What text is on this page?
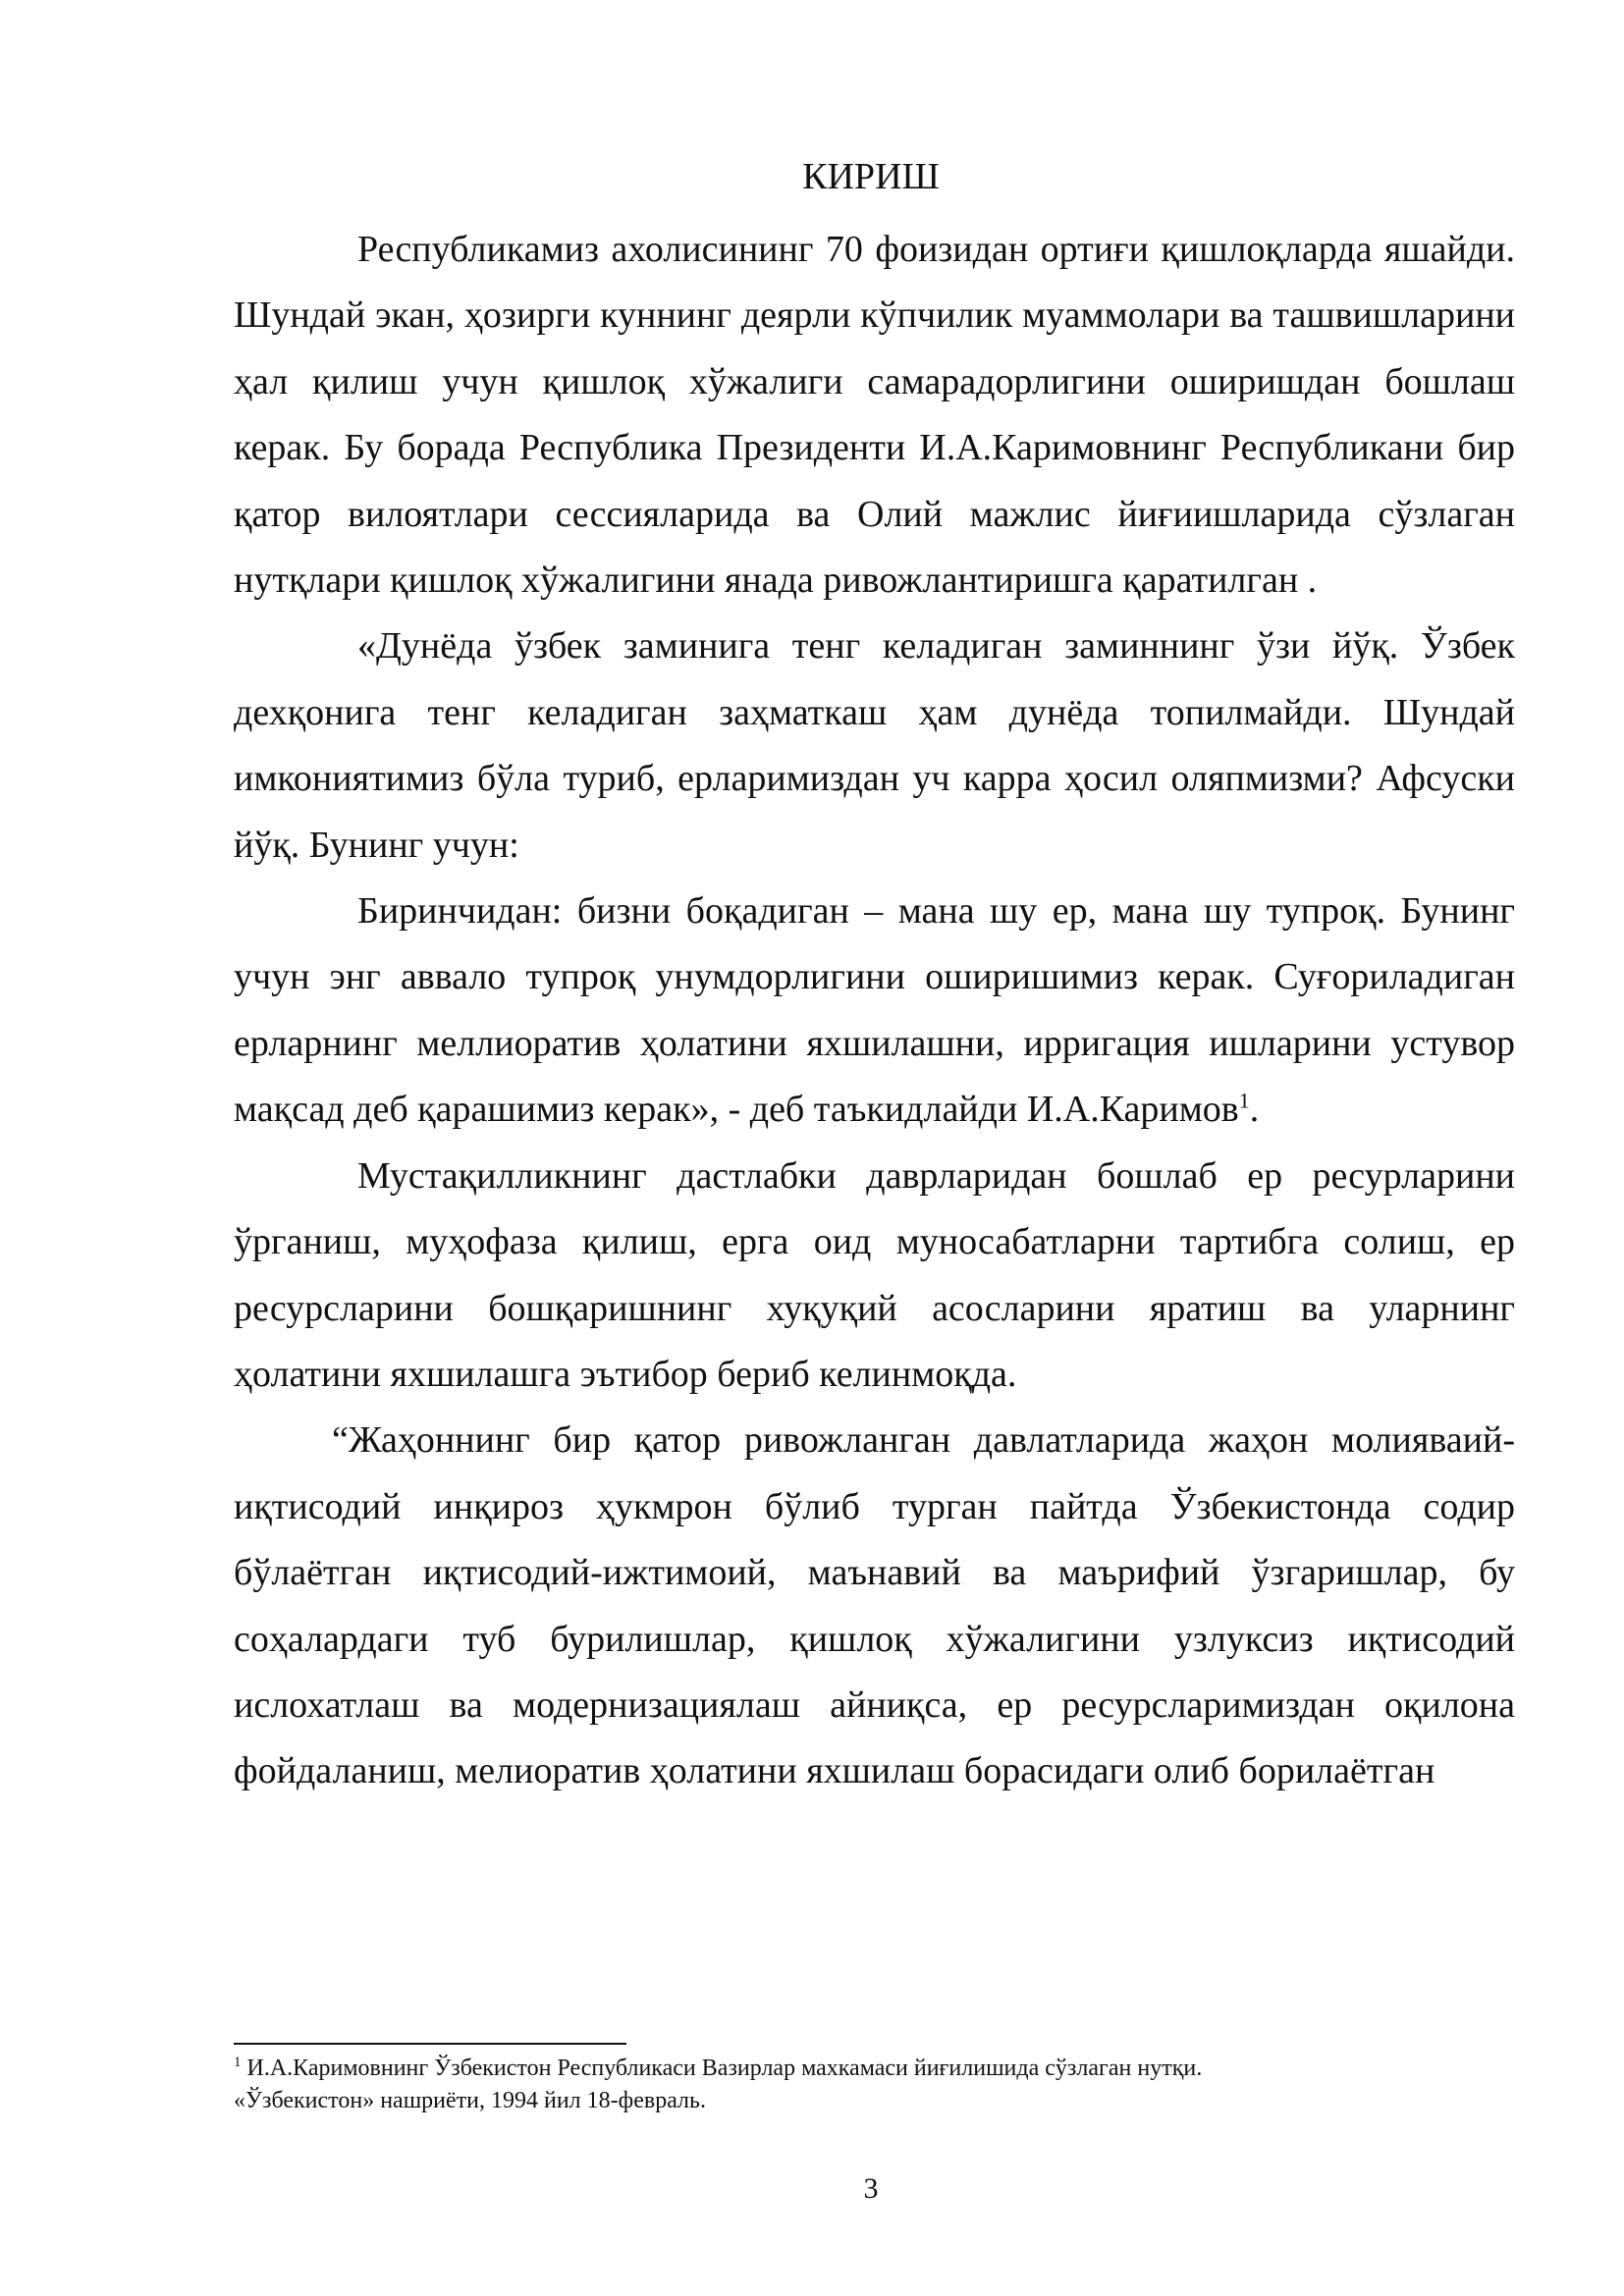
КИРИШ

Республикамиз ахолисининг 70 фоизидан ортиғи қишлоқларда яшайди. Шундай экан, ҳозирги куннинг деярли кўпчилик муаммолари ва ташвишларини ҳал қилиш учун қишлоқ хўжалиги самарадорлигини оширишдан бошлаш керак. Бу борада Республика Президенти И.А.Каримовнинг Республикани бир қатор вилоятлари сессияларида ва Олий мажлис йиғиишларида сўзлаган нутқлари қишлоқ хўжалигини янада ривожлантиришга қаратилган .

«Дунёда ўзбек заминига тенг келадиган заминнинг ўзи йўқ. Ўзбек дехқонига тенг келадиган заҳматкаш ҳам дунёда топилмайди. Шундай имкониятимиз бўла туриб, ерларимиздан уч карра ҳосил оляпмизми? Афсуски йўқ. Бунинг учун:

Биринчидан: бизни боқадиган – мана шу ер, мана шу тупроқ. Бунинг учун энг аввало тупроқ унумдорлигини оширишимиз керак. Суғориладиган ерларнинг меллиоратив ҳолатини яхшилашни, ирригация ишларини устувор мақсад деб қарашимиз керак», - деб таъкидлайди И.А.Каримов$^1$.

Мустақилликнинг дастлабки даврларидан бошлаб ер ресурларини ўрганиш, муҳофаза қилиш, ерга оид муносабатларни тартибга солиш, ер ресурсларини бошқаришнинг хуқуқий асосларини яратиш ва уларнинг ҳолатини яхшилашга эътибор бериб келинмоқда.

“Жаҳоннинг бир қатор ривожланган давлатларида жаҳон молияваий-иқтисодий инқироз ҳукмрон бўлиб турган пайтда Ўзбекистонда содир бўлаётган иқтисодий-ижтимоий, маънавий ва маърифий ўзгаришлар, бу соҳалардаги туб бурилишлар, қишлоқ хўжалигини узлуксиз иқтисодий ислохатлаш ва модернизациялаш айниқса, ер ресурсларимиздан оқилона фойдаланиш, мелиоратив ҳолатини яхшилаш борасидаги олиб борилаётган

$^1$ И.А.Каримовнинг Ўзбекистон Республикаси Вазирлар махкамаси йиғилишида сўзлаган нутқи.
«Ўзбекистон» нашриёти, 1994 йил 18-февраль.
3
